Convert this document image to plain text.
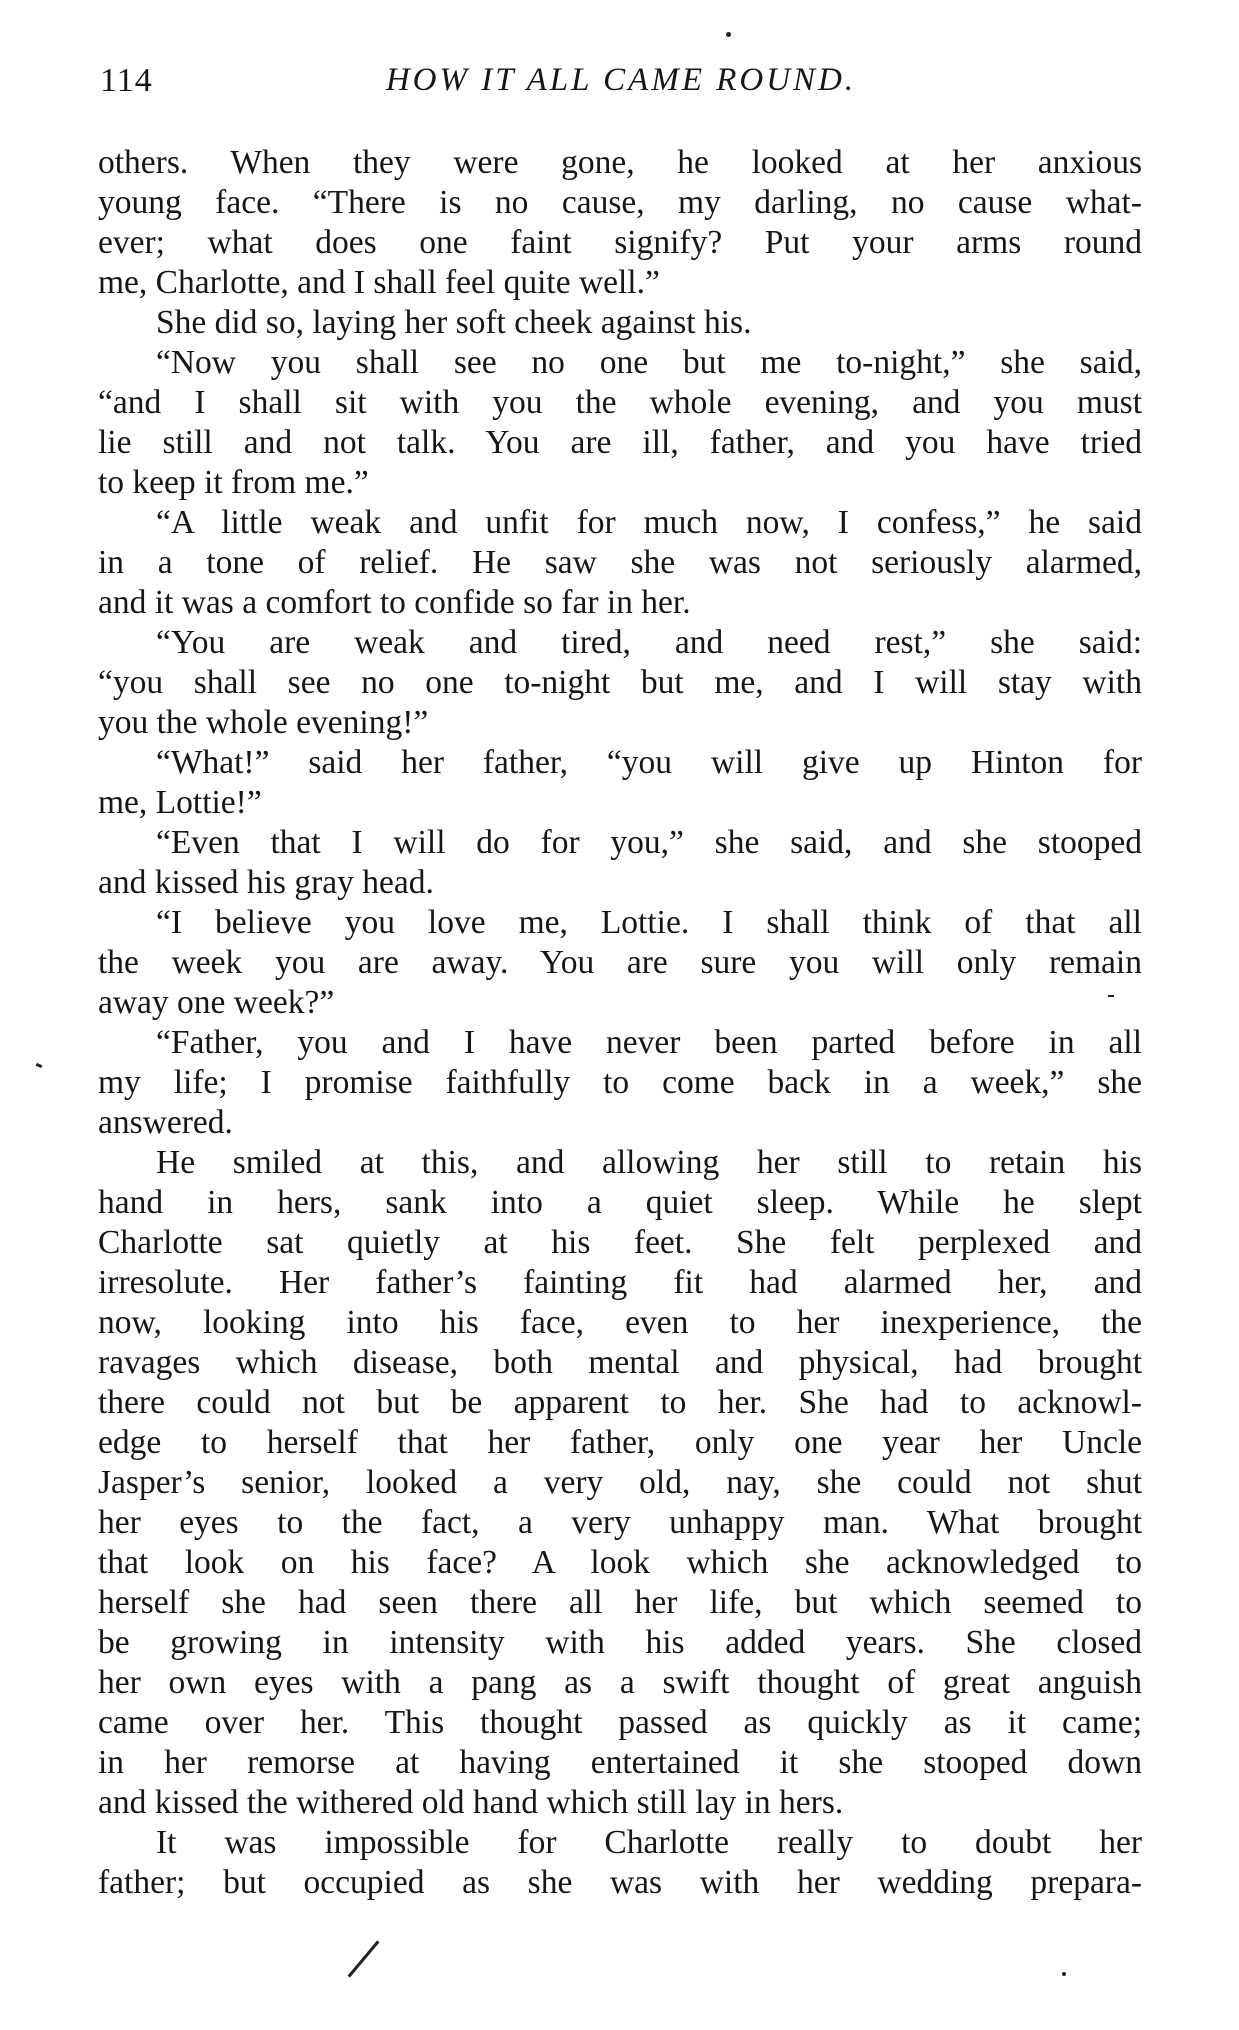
114	HOW IT ALL CAME ROUND.
others. When they were gone, he looked at her anxious
young face. “There is no cause, my darling, no cause what-
ever; what does one faint signify? Put your arms round
me, Charlotte, and I shall feel quite well.”
She did so, laying her soft cheek against his.
“Now you shall see no one but me to-night,” she said,
“and I shall sit with you the whole evening, and you must
lie still and not talk. You are ill, father, and you have tried
to keep it from me.”
“A little weak and unfit for much now, I confess,” he said
in a tone of relief. He saw she was not seriously alarmed,
and it was a comfort to confide so far in her.
“You are weak and tired, and need rest,” she said:
“you shall see no one to-night but me, and I will stay with
you the whole evening!”
“What!” said her father, “you will give up Hinton for
me, Lottie!”
“Even that I will do for you,” she said, and she stooped
and kissed his gray head.
“I believe you love me, Lottie. I shall think of that all
the week you are away. You are sure you will only remain
away one week?”
“Father, you and I have never been parted before in all
my life; I promise faithfully to come back in a week,” she
answered.
He smiled at this, and allowing her still to retain his
hand in hers, sank into a quiet sleep. While he slept
Charlotte sat quietly at his feet. She felt perplexed and
irresolute. Her father’s fainting fit had alarmed her, and
now, looking into his face, even to her inexperience, the
ravages which disease, both mental and physical, had brought
there could not but be apparent to her. She had to acknowl-
edge to herself that her father, only one year her Uncle
Jasper’s senior, looked a very old, nay, she could not shut
her eyes to the fact, a very unhappy man. What brought
that look on his face? A look which she acknowledged to
herself she had seen there all her life, but which seemed to
be growing in intensity with his added years. She closed
her own eyes with a pang as a swift thought of great anguish
came over her. This thought passed as quickly as it came;
in her remorse at having entertained it she stooped down
and kissed the withered old hand which still lay in hers.
It was impossible for Charlotte really to doubt her
father; but occupied as she was with her wedding prepara-
